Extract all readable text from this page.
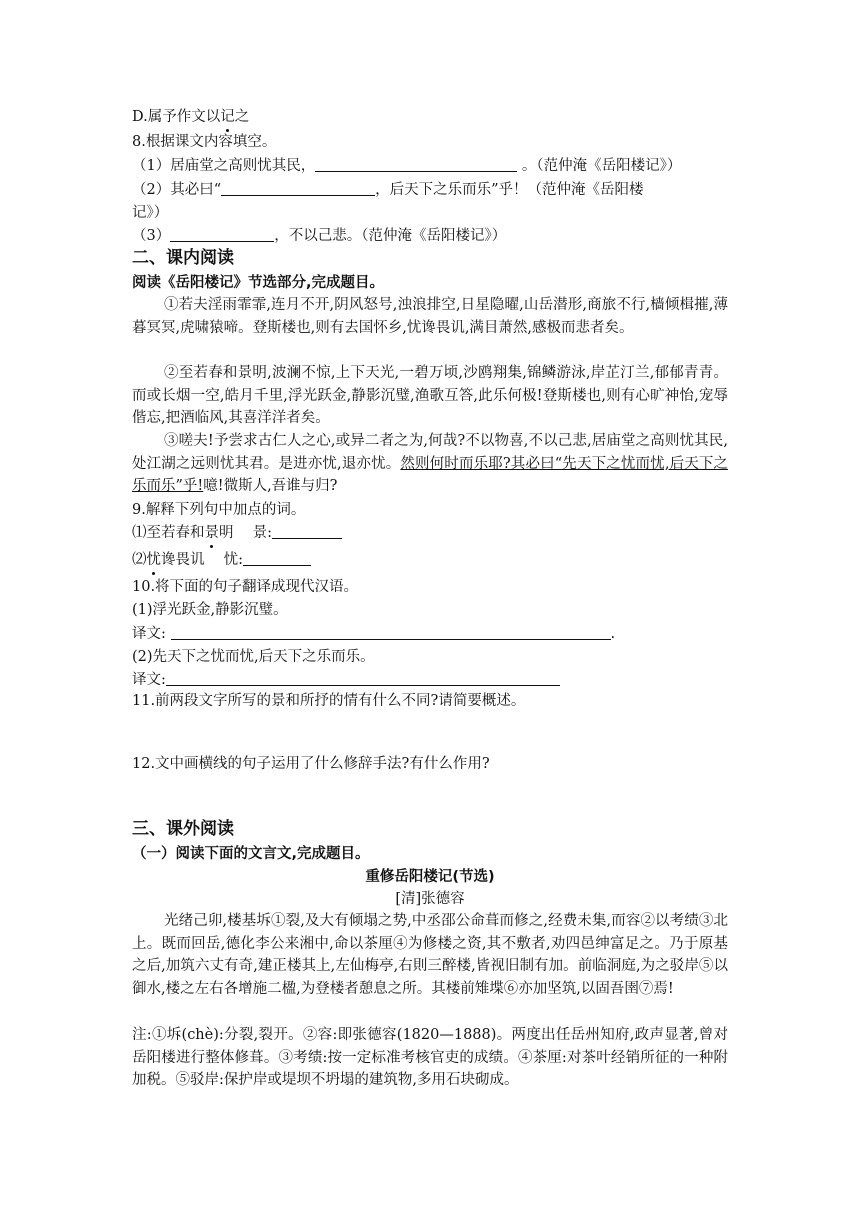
D.属予作文以记之
8.根据课文内容填空。
（1）居庙堂之高则忧其民，	。（范仲淹《岳阳楼记》）
（2）其必曰“	，后天下之乐而乐”乎！（范仲淹《岳阳楼
记》）
（3）	，不以己悲。（范仲淹《岳阳楼记》）
二、课内阅读
阅读《岳阳楼记》节选部分,完成题目。
①若夫淫雨霏霏,连月不开,阴风怒号,浊浪排空,日星隐曜,山岳潜形,商旅不行,樯倾楫摧,薄暮冥冥,虎啸猿啼。登斯楼也,则有去国怀乡,忧谗畏讥,满目萧然,感极而悲者矣。
②至若春和景明,波澜不惊,上下天光,一碧万顷,沙鸥翔集,锦鳞游泳,岸芷汀兰,郁郁青青。而或长烟一空,皓月千里,浮光跃金,静影沉璧,渔歌互答,此乐何极!登斯楼也,则有心旷神怡,宠辱偕忘,把酒临风,其喜洋洋者矣。
③嗟夫!予尝求古仁人之心,或异二者之为,何哉?不以物喜,不以己悲,居庙堂之高则忧其民,处江湖之远则忧其君。是进亦忧,退亦忧。然则何时而乐耶?其必曰“先天下之忧而忧,后天下之乐而乐”乎!噫!微斯人,吾谁与归?
9.解释下列句中加点的词。
⑴至若春和景明　 景:
⑵忧谗畏讥　 忧:
10.将下面的句子翻译成现代汉语。
(1)浮光跃金,静影沉璧。
译文:	.
(2)先天下之忧而忧,后天下之乐而乐。
译文:
11.前两段文字所写的景和所抒的情有什么不同?请简要概述。
12.文中画横线的句子运用了什么修辞手法?有什么作用?
三、课外阅读
（一）阅读下面的文言文,完成题目。
重修岳阳楼记(节选)
[清]张德容
光绪己卯,楼基坼①裂,及大有倾塌之势,中丞邵公命葺而修之,经费未集,而容②以考绩③北上。既而回岳,德化李公来湘中,命以茶厘④为修楼之资,其不敷者,劝四邑绅富足之。乃于原基之后,加筑六丈有奇,建正楼其上,左仙梅亭,右則三醉楼,皆视旧制有加。前临洞庭,为之驳岸⑤以御水,楼之左右各增施二楹,为登楼者憩息之所。其楼前雉堞⑥亦加坚筑,以固吾圉⑦焉!
注:①坼(chè):分裂,裂开。②容:即张德容(1820—1888)。两度出任岳州知府,政声显著,曾对岳阳楼进行整体修葺。③考绩:按一定标准考核官吏的成绩。④茶厘:对茶叶经销所征的一种附加税。⑤驳岸:保护岸或堤坝不坍塌的建筑物,多用石块砌成。
